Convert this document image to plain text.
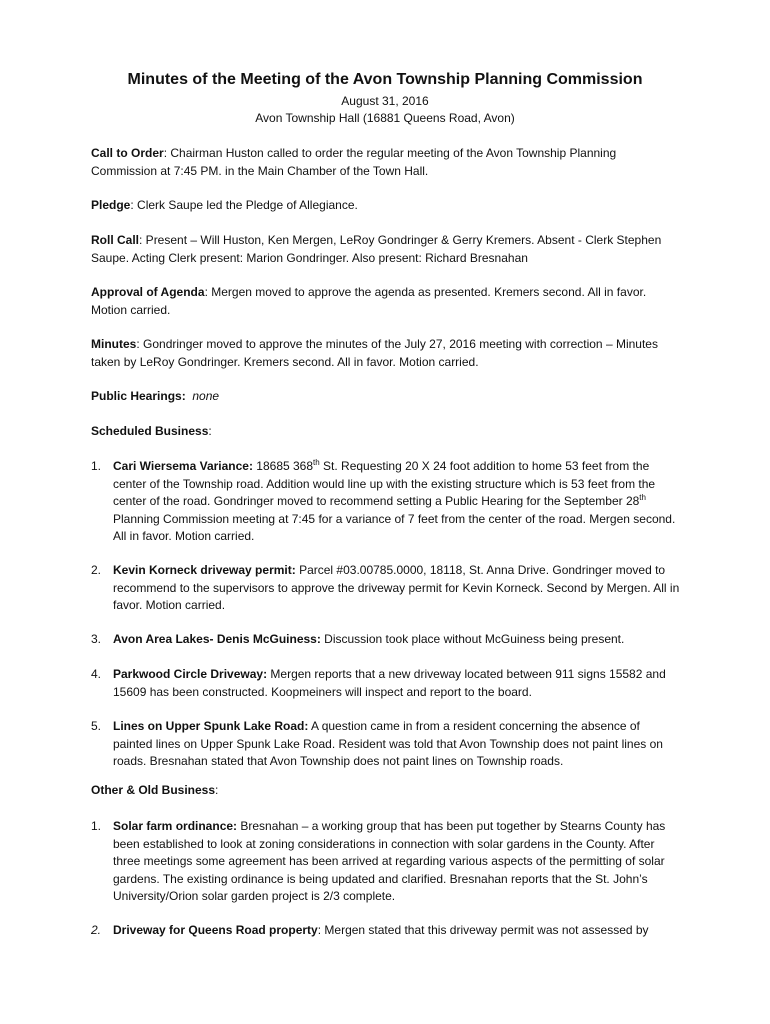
Minutes of the Meeting of the Avon Township Planning Commission
August 31, 2016
Avon Township Hall (16881 Queens Road, Avon)

Call to Order: Chairman Huston called to order the regular meeting of the Avon Township Planning Commission at 7:45 PM. in the Main Chamber of the Town Hall.

Pledge: Clerk Saupe led the Pledge of Allegiance.

Roll Call: Present – Will Huston, Ken Mergen, LeRoy Gondringer & Gerry Kremers. Absent - Clerk Stephen Saupe. Acting Clerk present: Marion Gondringer. Also present: Richard Bresnahan

Approval of Agenda: Mergen moved to approve the agenda as presented. Kremers second. All in favor. Motion carried.

Minutes: Gondringer moved to approve the minutes of the July 27, 2016 meeting with correction – Minutes taken by LeRoy Gondringer. Kremers second. All in favor. Motion carried.

Public Hearings: none

Scheduled Business:

1. Cari Wiersema Variance: 18685 368th St. Requesting 20 X 24 foot addition to home 53 feet from the center of the Township road. Addition would line up with the existing structure which is 53 feet from the center of the road. Gondringer moved to recommend setting a Public Hearing for the September 28th Planning Commission meeting at 7:45 for a variance of 7 feet from the center of the road. Mergen second. All in favor. Motion carried.
2. Kevin Korneck driveway permit: Parcel #03.00785.0000, 18118, St. Anna Drive. Gondringer moved to recommend to the supervisors to approve the driveway permit for Kevin Korneck. Second by Mergen. All in favor. Motion carried.
3. Avon Area Lakes- Denis McGuiness: Discussion took place without McGuiness being present.
4. Parkwood Circle Driveway: Mergen reports that a new driveway located between 911 signs 15582 and 15609 has been constructed. Koopmeiners will inspect and report to the board.
5. Lines on Upper Spunk Lake Road: A question came in from a resident concerning the absence of painted lines on Upper Spunk Lake Road. Resident was told that Avon Township does not paint lines on roads. Bresnahan stated that Avon Township does not paint lines on Township roads.

Other & Old Business:

1. Solar farm ordinance: Bresnahan – a working group that has been put together by Stearns County has been established to look at zoning considerations in connection with solar gardens in the County. After three meetings some agreement has been arrived at regarding various aspects of the permitting of solar gardens. The existing ordinance is being updated and clarified. Bresnahan reports that the St. John’s University/Orion solar garden project is 2/3 complete.
2. Driveway for Queens Road property: Mergen stated that this driveway permit was not assessed by
